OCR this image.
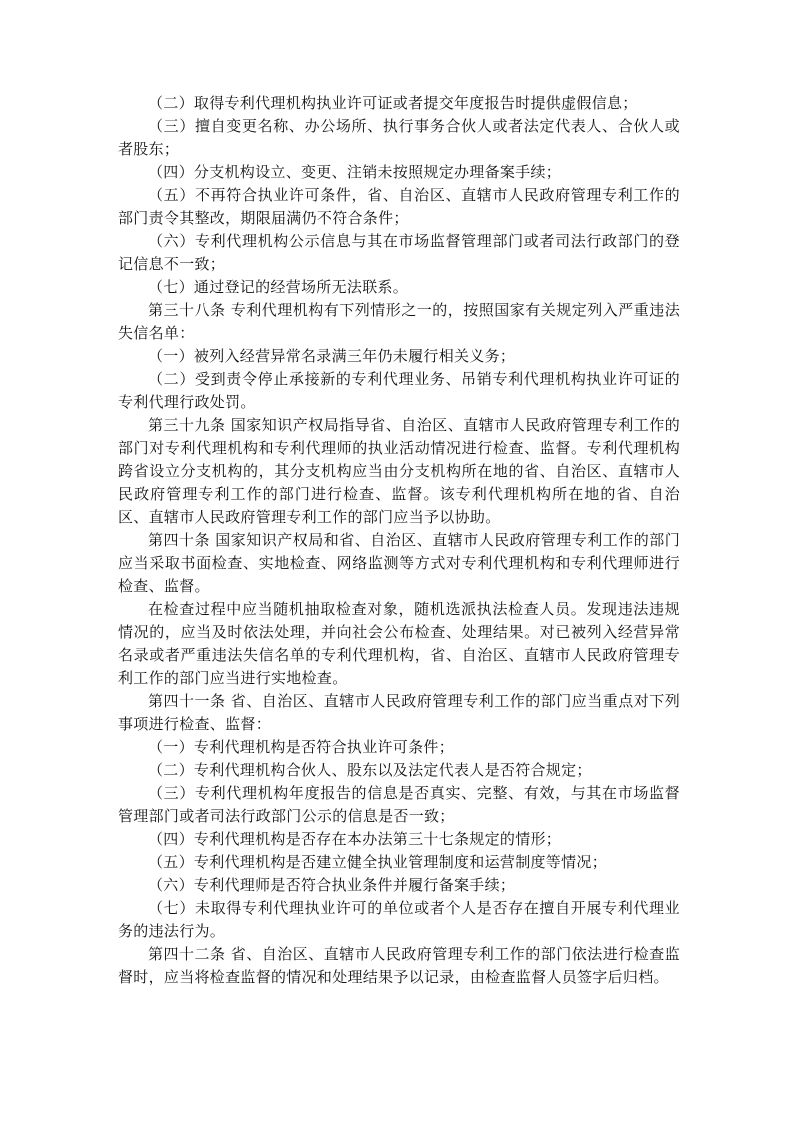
（二）取得专利代理机构执业许可证或者提交年度报告时提供虚假信息；

（三）擅自变更名称、办公场所、执行事务合伙人或者法定代表人、合伙人或者股东；

（四）分支机构设立、变更、注销未按照规定办理备案手续；

（五）不再符合执业许可条件，省、自治区、直辖市人民政府管理专利工作的部门责令其整改，期限届满仍不符合条件；

（六）专利代理机构公示信息与其在市场监督管理部门或者司法行政部门的登记信息不一致；

（七）通过登记的经营场所无法联系。

第三十八条 专利代理机构有下列情形之一的，按照国家有关规定列入严重违法失信名单：

（一）被列入经营异常名录满三年仍未履行相关义务；

（二）受到责令停止承接新的专利代理业务、吊销专利代理机构执业许可证的专利代理行政处罚。

第三十九条 国家知识产权局指导省、自治区、直辖市人民政府管理专利工作的部门对专利代理机构和专利代理师的执业活动情况进行检查、监督。专利代理机构跨省设立分支机构的，其分支机构应当由分支机构所在地的省、自治区、直辖市人民政府管理专利工作的部门进行检查、监督。该专利代理机构所在地的省、自治区、直辖市人民政府管理专利工作的部门应当予以协助。

第四十条 国家知识产权局和省、自治区、直辖市人民政府管理专利工作的部门应当采取书面检查、实地检查、网络监测等方式对专利代理机构和专利代理师进行检查、监督。

在检查过程中应当随机抽取检查对象，随机选派执法检查人员。发现违法违规情况的，应当及时依法处理，并向社会公布检查、处理结果。对已被列入经营异常名录或者严重违法失信名单的专利代理机构，省、自治区、直辖市人民政府管理专利工作的部门应当进行实地检查。

第四十一条 省、自治区、直辖市人民政府管理专利工作的部门应当重点对下列事项进行检查、监督：

（一）专利代理机构是否符合执业许可条件；

（二）专利代理机构合伙人、股东以及法定代表人是否符合规定；

（三）专利代理机构年度报告的信息是否真实、完整、有效，与其在市场监督管理部门或者司法行政部门公示的信息是否一致；

（四）专利代理机构是否存在本办法第三十七条规定的情形；

（五）专利代理机构是否建立健全执业管理制度和运营制度等情况；

（六）专利代理师是否符合执业条件并履行备案手续；

（七）未取得专利代理执业许可的单位或者个人是否存在擅自开展专利代理业务的违法行为。

第四十二条 省、自治区、直辖市人民政府管理专利工作的部门依法进行检查监督时，应当将检查监督的情况和处理结果予以记录，由检查监督人员签字后归档。
